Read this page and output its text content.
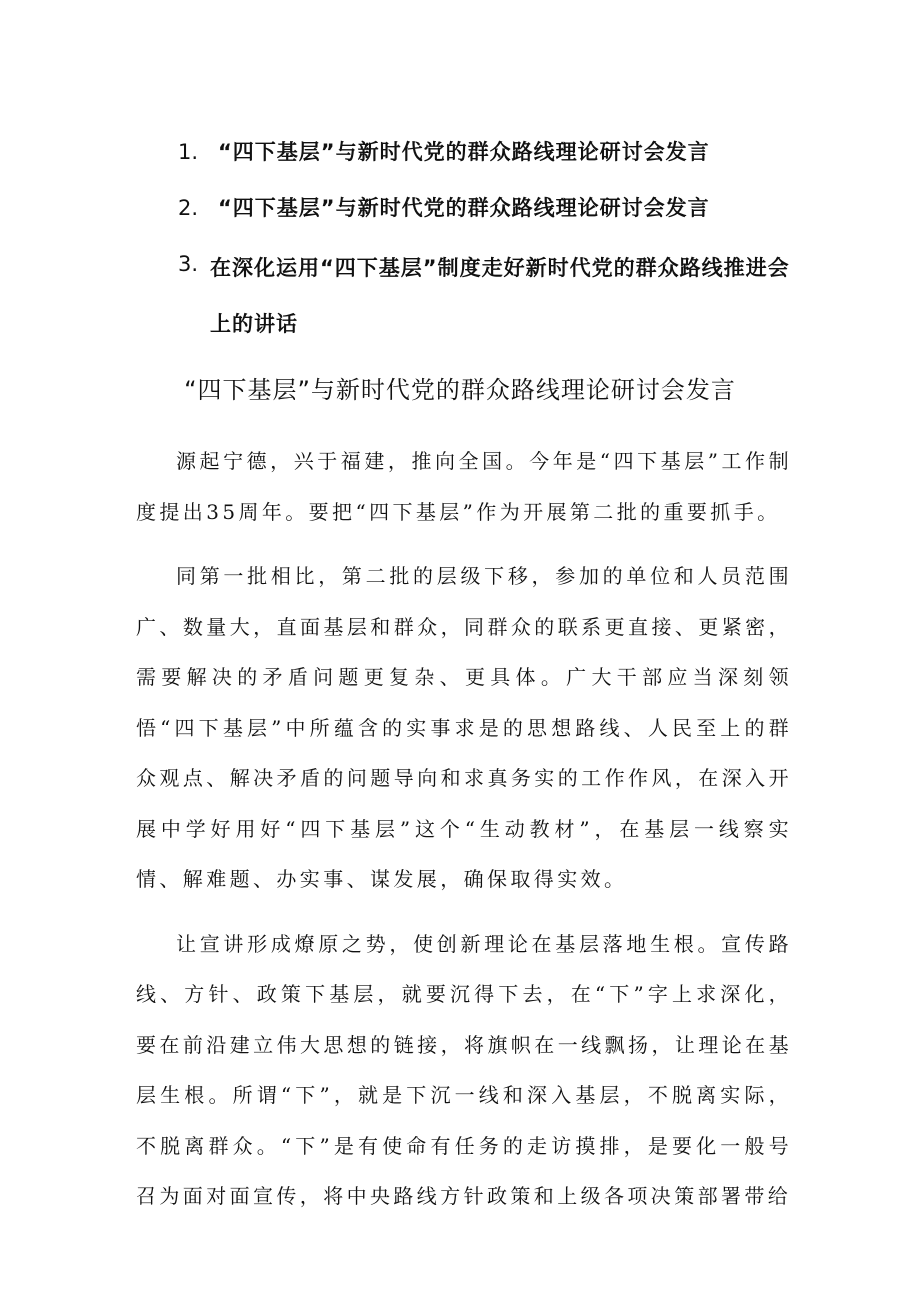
1. “四下基层”与新时代党的群众路线理论研讨会发言
2. “四下基层”与新时代党的群众路线理论研讨会发言
3. 在深化运用“四下基层”制度走好新时代党的群众路线推进会上的讲话
“四下基层”与新时代党的群众路线理论研讨会发言

源起宁德，兴于福建，推向全国。今年是“四下基层”工作制度提出35周年。要把“四下基层”作为开展第二批的重要抓手。

同第一批相比，第二批的层级下移，参加的单位和人员范围广、数量大，直面基层和群众，同群众的联系更直接、更紧密，需要解决的矛盾问题更复杂、更具体。广大干部应当深刻领悟“四下基层”中所蕴含的实事求是的思想路线、人民至上的群众观点、解决矛盾的问题导向和求真务实的工作作风，在深入开展中学好用好“四下基层”这个“生动教材”，在基层一线察实情、解难题、办实事、谋发展，确保取得实效。

让宣讲形成燎原之势，使创新理论在基层落地生根。宣传路线、方针、政策下基层，就要沉得下去，在“下”字上求深化，要在前沿建立伟大思想的链接，将旗帜在一线飘扬，让理论在基层生根。所谓“下”，就是下沉一线和深入基层，不脱离实际，不脱离群众。“下”是有使命有任务的走访摸排，是要化一般号召为面对面宣传，将中央路线方针政策和上级各项决策部署带给
